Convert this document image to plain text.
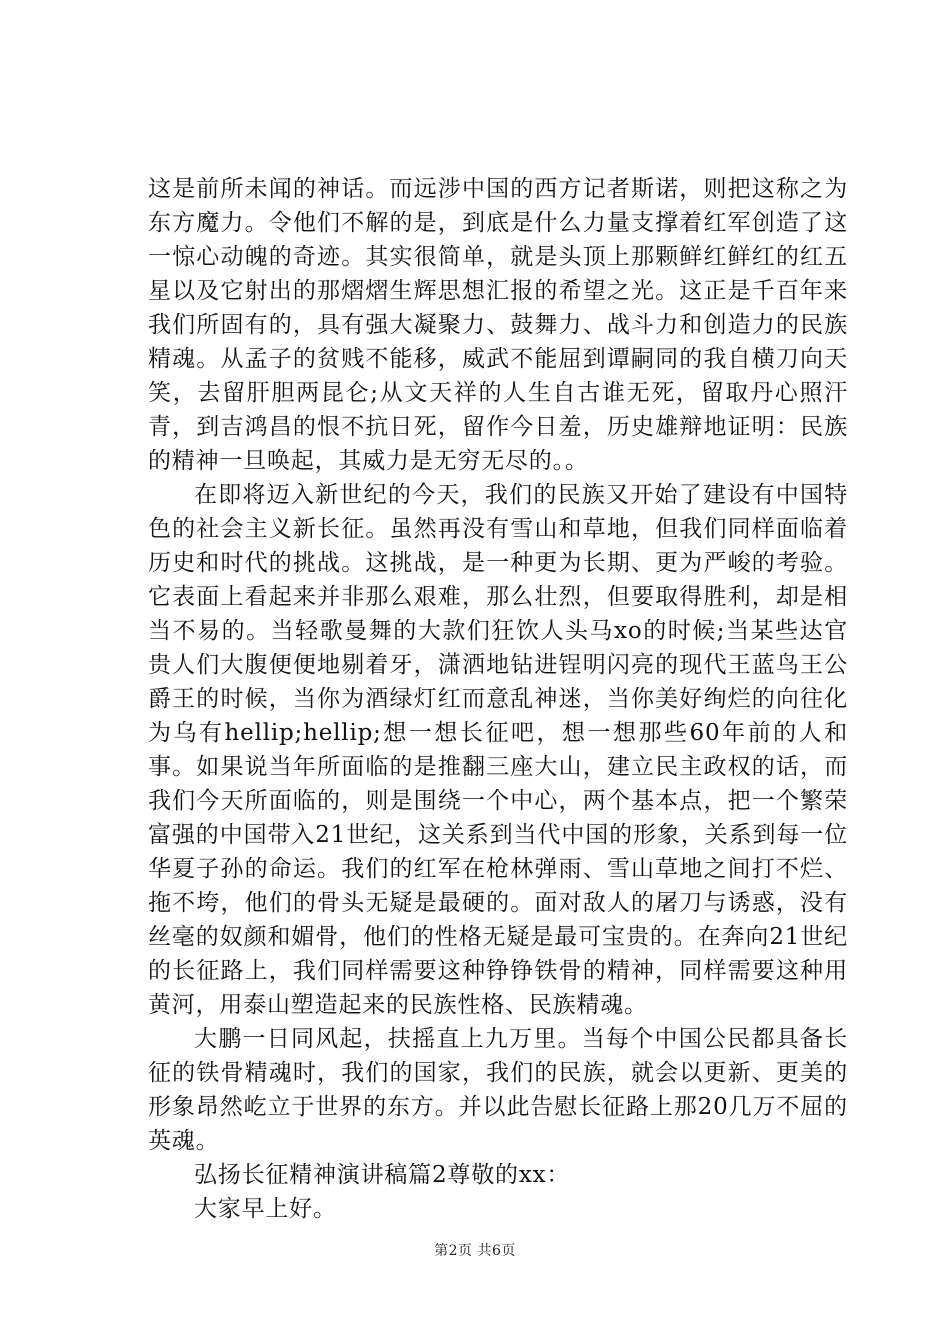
这是前所未闻的神话。而远涉中国的西方记者斯诺，则把这称之为东方魔力。令他们不解的是，到底是什么力量支撑着红军创造了这一惊心动魄的奇迹。其实很简单，就是头顶上那颗鲜红鲜红的红五星以及它射出的那熠熠生辉思想汇报的希望之光。这正是千百年来我们所固有的，具有强大凝聚力、鼓舞力、战斗力和创造力的民族精魂。从孟子的贫贱不能移，威武不能屈到谭嗣同的我自横刀向天笑，去留肝胆两昆仑;从文天祥的人生自古谁无死，留取丹心照汗青，到吉鸿昌的恨不抗日死，留作今日羞，历史雄辩地证明：民族的精神一旦唤起，其威力是无穷无尽的。。

在即将迈入新世纪的今天，我们的民族又开始了建设有中国特色的社会主义新长征。虽然再没有雪山和草地，但我们同样面临着历史和时代的挑战。这挑战，是一种更为长期、更为严峻的考验。它表面上看起来并非那么艰难，那么壮烈，但要取得胜利，却是相当不易的。当轻歌曼舞的大款们狂饮人头马xo的时候;当某些达官贵人们大腹便便地剔着牙，潇洒地钻进锃明闪亮的现代王蓝鸟王公爵王的时候，当你为酒绿灯红而意乱神迷，当你美好绚烂的向往化为乌有hellip;hellip;想一想长征吧，想一想那些60年前的人和事。如果说当年所面临的是推翻三座大山，建立民主政权的话，而我们今天所面临的，则是围绕一个中心，两个基本点，把一个繁荣富强的中国带入21世纪，这关系到当代中国的形象，关系到每一位华夏子孙的命运。我们的红军在枪林弹雨、雪山草地之间打不烂、拖不垮，他们的骨头无疑是最硬的。面对敌人的屠刀与诱惑，没有丝毫的奴颜和媚骨，他们的性格无疑是最可宝贵的。在奔向21世纪的长征路上，我们同样需要这种铮铮铁骨的精神，同样需要这种用黄河，用泰山塑造起来的民族性格、民族精魂。

大鹏一日同风起，扶摇直上九万里。当每个中国公民都具备长征的铁骨精魂时，我们的国家，我们的民族，就会以更新、更美的形象昂然屹立于世界的东方。并以此告慰长征路上那20几万不屈的英魂。

弘扬长征精神演讲稿篇2尊敬的xx：

大家早上好。

第2页 共6页
